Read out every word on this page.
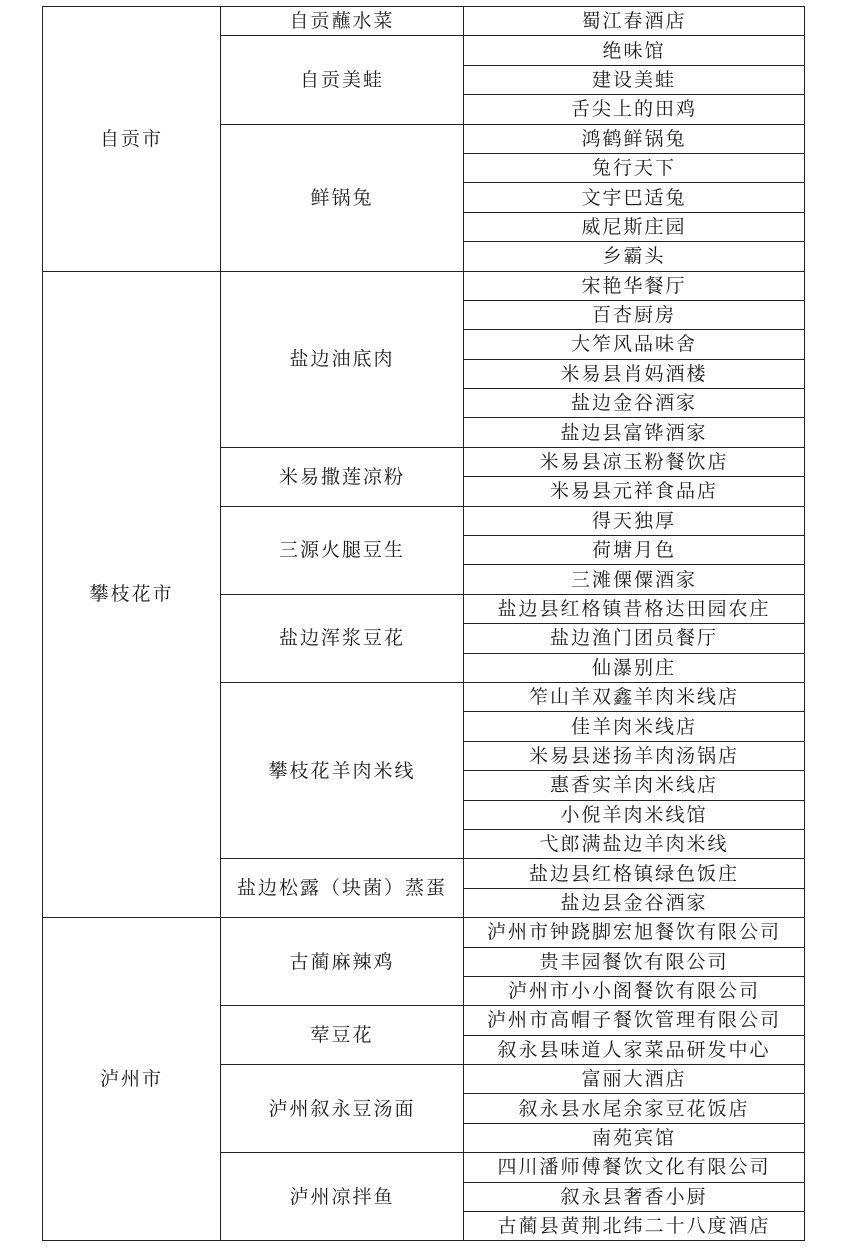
自贡市	自贡蘸水菜	蜀江春酒店
	自贡美蛙	绝味馆
		建设美蛙
		舌尖上的田鸡
	鲜锅兔	鸿鹤鲜锅兔
		兔行天下
		文宇巴适兔
		威尼斯庄园
		乡霸头
攀枝花市	盐边油底肉	宋艳华餐厅
		百杏厨房
		大笮风品味舍
		米易县肖妈酒楼
		盐边金谷酒家
		盐边县富铧酒家
	米易撒莲凉粉	米易县凉玉粉餐饮店
		米易县元祥食品店
	三源火腿豆生	得天独厚
		荷塘月色
		三滩傈僳酒家
	盐边浑浆豆花	盐边县红格镇昔格达田园农庄
		盐边渔门团员餐厅
		仙瀑别庄
	攀枝花羊肉米线	笮山羊双鑫羊肉米线店
		佳羊肉米线店
		米易县迷扬羊肉汤锅店
		惠香实羊肉米线店
		小倪羊肉米线馆
		弋郎满盐边羊肉米线
	盐边松露（块菌）蒸蛋	盐边县红格镇绿色饭庄
		盐边县金谷酒家
泸州市	古蔺麻辣鸡	泸州市钟跷脚宏旭餐饮有限公司
		贵丰园餐饮有限公司
		泸州市小小阁餐饮有限公司
	荤豆花	泸州市高帽子餐饮管理有限公司
		叙永县味道人家菜品研发中心
	泸州叙永豆汤面	富丽大酒店
		叙永县水尾余家豆花饭店
		南苑宾馆
	泸州凉拌鱼	四川潘师傅餐饮文化有限公司
		叙永县奢香小厨
		古蔺县黄荆北纬二十八度酒店
